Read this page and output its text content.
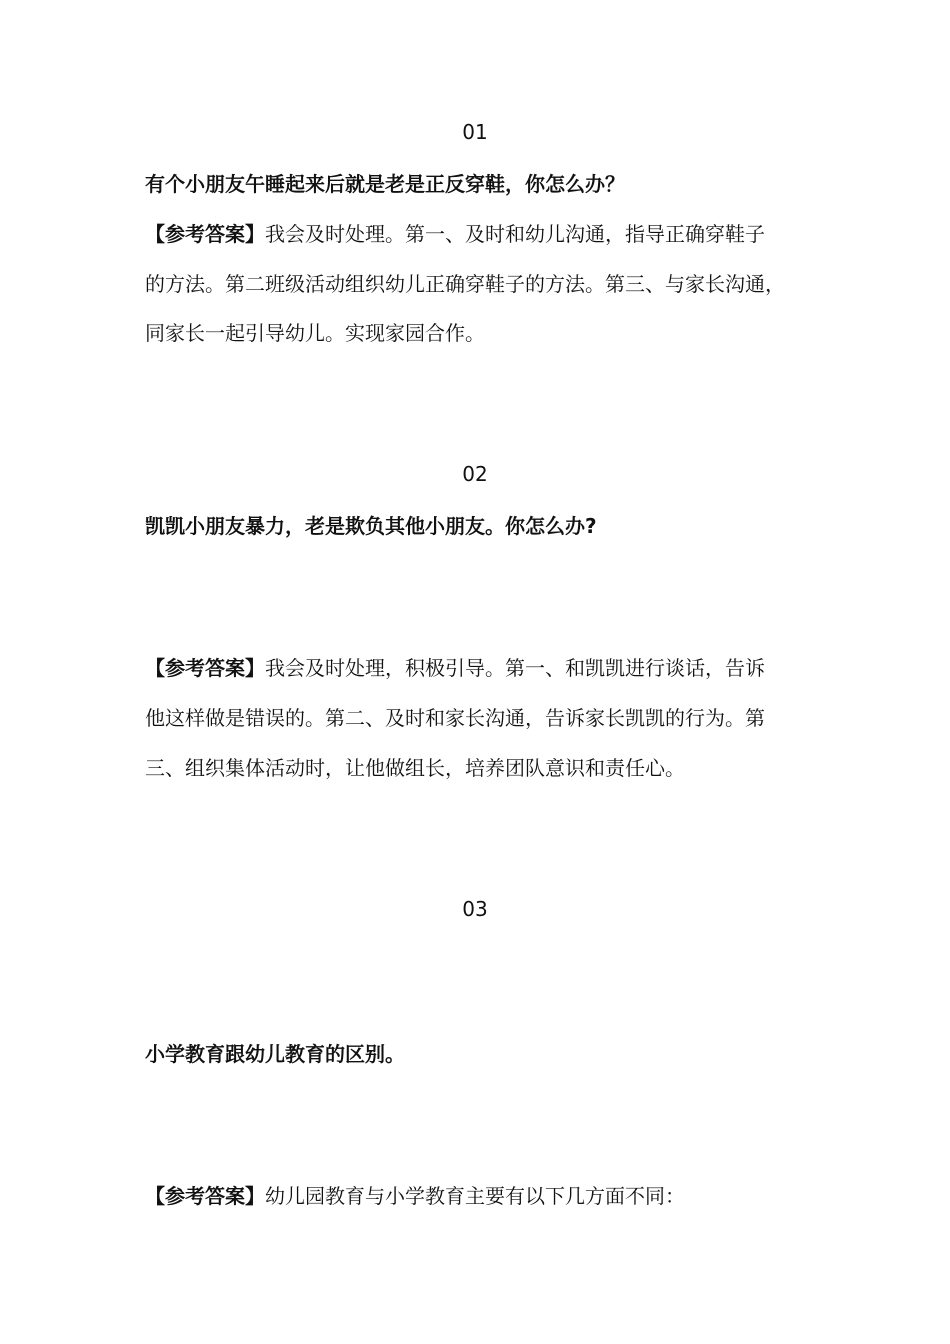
01
有个小朋友午睡起来后就是老是正反穿鞋，你怎么办？
【参考答案】我会及时处理。第一、及时和幼儿沟通，指导正确穿鞋子
的方法。第二班级活动组织幼儿正确穿鞋子的方法。第三、与家长沟通，
同家长一起引导幼儿。实现家园合作。
02
凯凯小朋友暴力，老是欺负其他小朋友。你怎么办?
【参考答案】我会及时处理，积极引导。第一、和凯凯进行谈话，告诉
他这样做是错误的。第二、及时和家长沟通，告诉家长凯凯的行为。第
三、组织集体活动时，让他做组长，培养团队意识和责任心。
03
小学教育跟幼儿教育的区别。
【参考答案】幼儿园教育与小学教育主要有以下几方面不同：
